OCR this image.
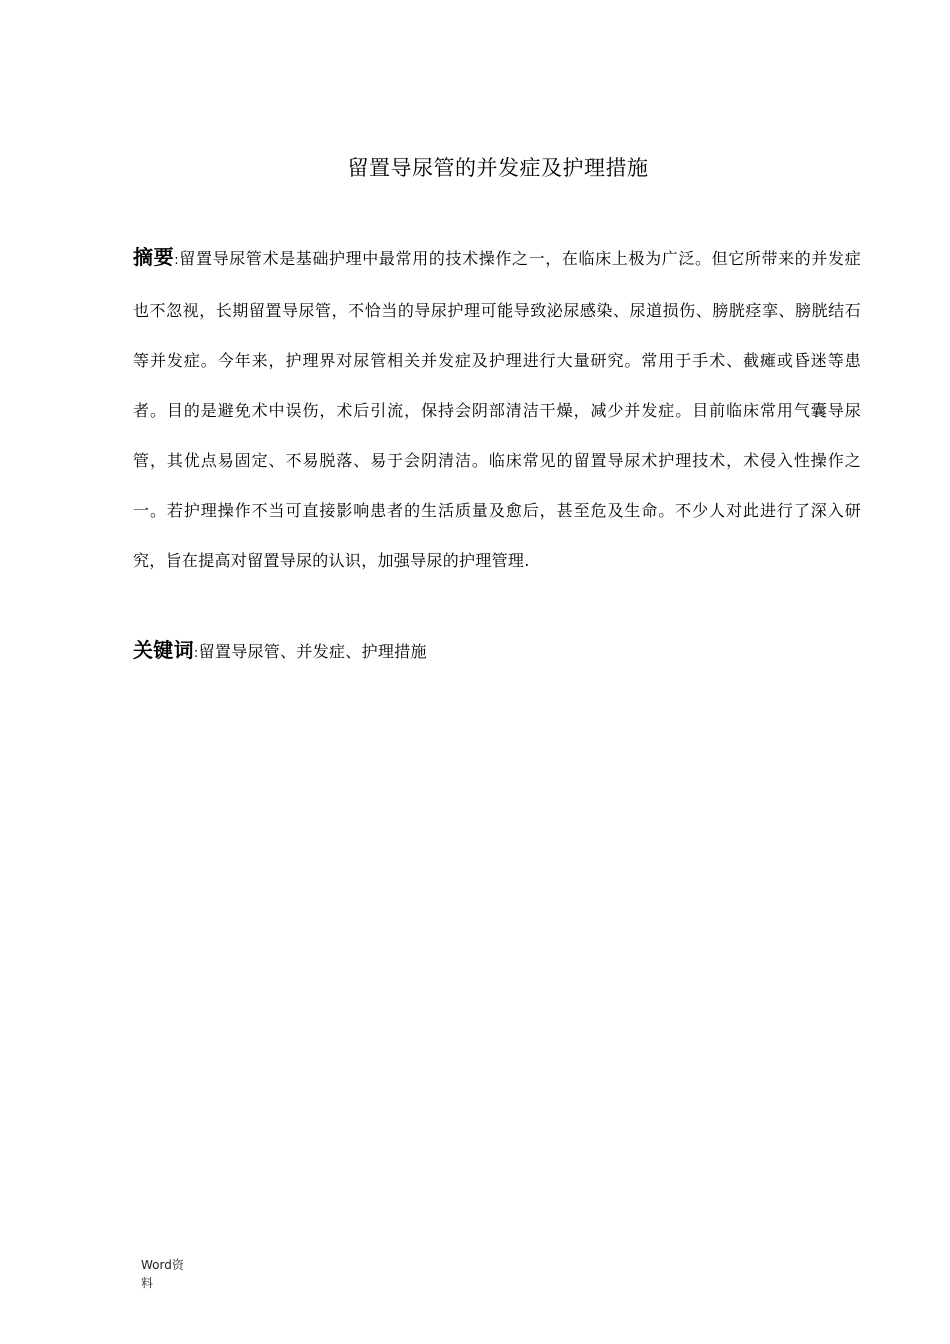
留置导尿管的并发症及护理措施

摘要:留置导尿管术是基础护理中最常用的技术操作之一，在临床上极为广泛。但它所带来的并发症也不忽视，长期留置导尿管，不恰当的导尿护理可能导致泌尿感染、尿道损伤、膀胱痉挛、膀胱结石等并发症。今年来，护理界对尿管相关并发症及护理进行大量研究。常用于手术、截瘫或昏迷等患者。目的是避免术中误伤，术后引流，保持会阴部清洁干燥，减少并发症。目前临床常用气囊导尿管，其优点易固定、不易脱落、易于会阴清洁。临床常见的留置导尿术护理技术，术侵入性操作之一。若护理操作不当可直接影响患者的生活质量及愈后，甚至危及生命。不少人对此进行了深入研究，旨在提高对留置导尿的认识，加强导尿的护理管理.

关键词:留置导尿管、并发症、护理措施

Word资料
